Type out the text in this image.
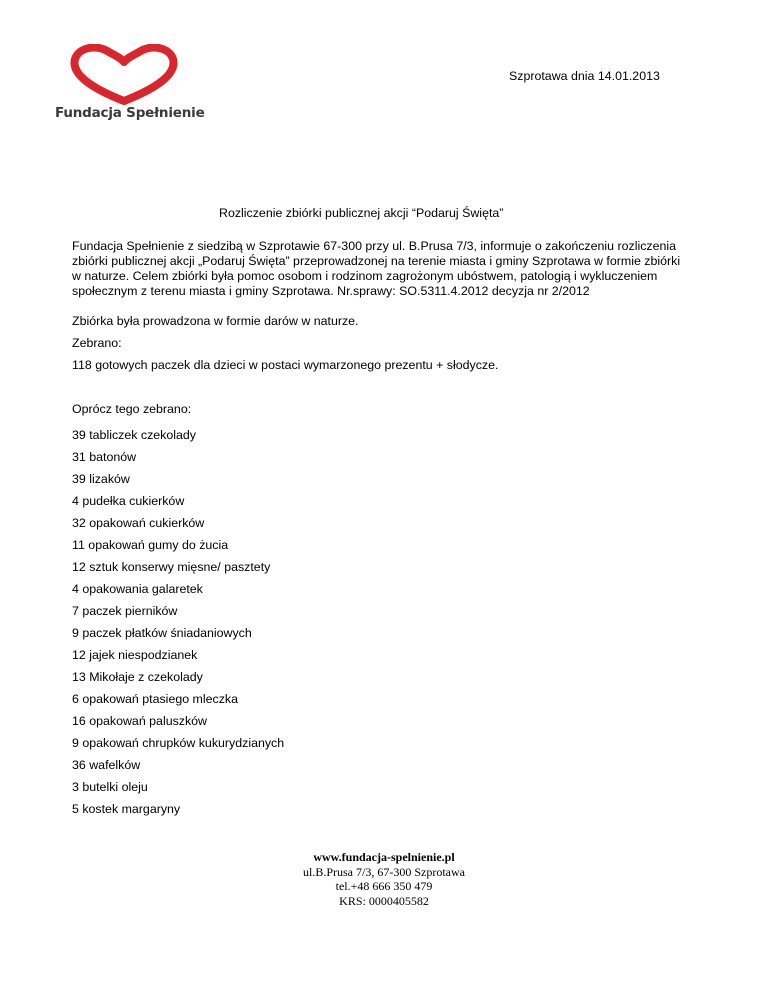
Fundacja Spełnienie
Szprotawa dnia 14.01.2013
Rozliczenie zbiórki publicznej akcji “Podaruj Święta”
Fundacja Spełnienie z siedzibą w Szprotawie 67-300 przy ul. B.Prusa 7/3, informuje o zakończeniu rozliczenia
zbiórki publicznej akcji „Podaruj Święta” przeprowadzonej na terenie miasta i gminy Szprotawa w formie zbiórki
w naturze. Celem zbiórki była pomoc osobom i rodzinom zagrożonym ubóstwem, patologią i wykluczeniem
społecznym z terenu miasta i gminy Szprotawa. Nr.sprawy: SO.5311.4.2012 decyzja nr 2/2012
Zbiórka była prowadzona w formie darów w naturze.
Zebrano:
118 gotowych paczek dla dzieci w postaci wymarzonego prezentu + słodycze.
Oprócz tego zebrano:
39 tabliczek czekolady
31 batonów
39 lizaków
4 pudełka cukierków
32 opakowań cukierków
11 opakowań gumy do żucia
12 sztuk konserwy mięsne/ pasztety
4 opakowania galaretek
7 paczek pierników
9 paczek płatków śniadaniowych
12 jajek niespodzianek
13 Mikołaje z czekolady
6 opakowań ptasiego mleczka
16 opakowań paluszków
9 opakowań chrupków kukurydzianych
36 wafelków
3 butelki oleju
5 kostek margaryny
www.fundacja-spelnienie.pl
ul.B.Prusa 7/3, 67-300 Szprotawa
tel.+48 666 350 479
KRS: 0000405582
